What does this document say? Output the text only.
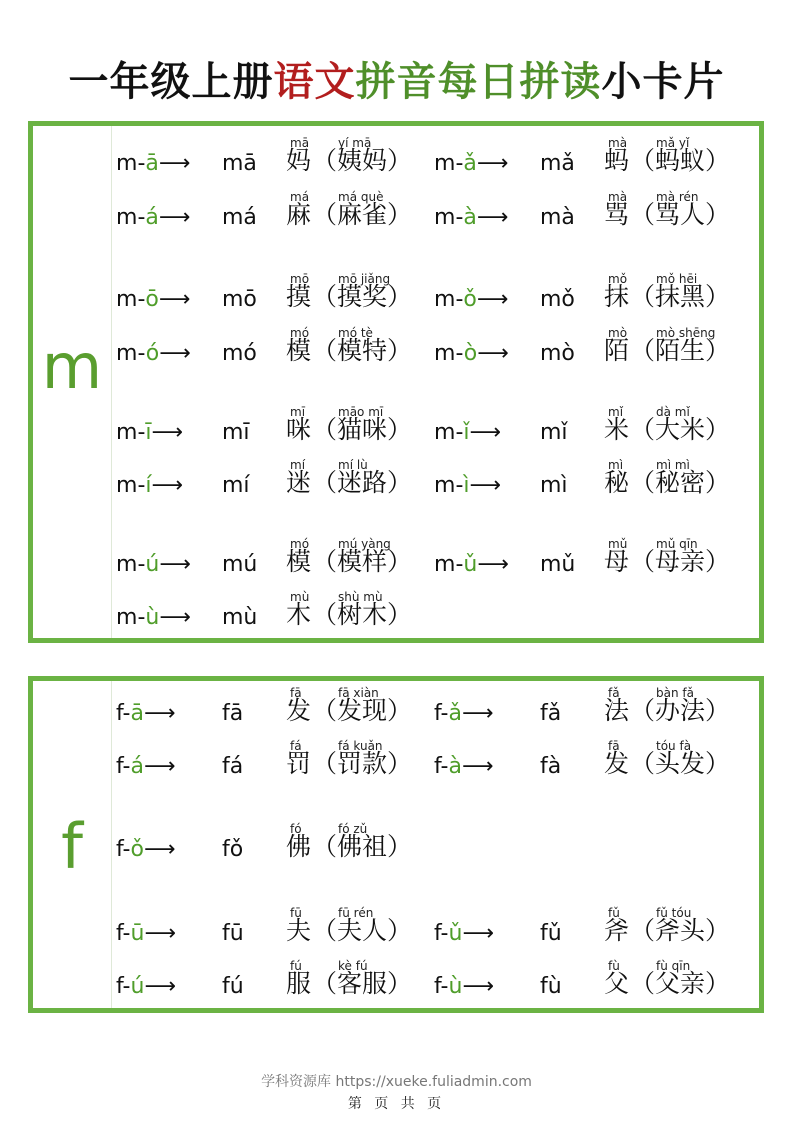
一年级上册语文拼音每日拼读小卡片
m
f
学科资源库 https://xueke.fuliadmin.com
第 页 共 页
m-ā⟶ mā 妈
mā
（姨妈）
yí mā
m-ǎ⟶ mǎ 蚂
mà
（蚂蚁）
mǎ yǐ
m-á⟶ má 麻
má
（麻雀）
má què
m-à⟶ mà 骂
mà
（骂人）
mà rén
m-ō⟶ mō 摸
mō
（摸奖）
mō jiǎng
m-ǒ⟶ mǒ 抹
mǒ
（抹黑）
mǒ hēi
m-ó⟶ mó 模
mó
（模特）
mó tè
m-ò⟶ mò 陌
mò
（陌生）
mò shēng
m-ī⟶ mī 咪
mī
（猫咪）
māo mī
m-ǐ⟶ mǐ 米
mǐ
（大米）
dà mǐ
m-í⟶ mí 迷
mí
（迷路）
mí lù
m-ì⟶ mì 秘
mì
（秘密）
mì mì
m-ú⟶ mú 模
mó
（模样）
mú yàng
m-ǔ⟶ mǔ 母
mǔ
（母亲）
mǔ qīn
m-ù⟶ mù 木
mù
（树木）
shù mù
f-ā⟶ fā 发
fā
（发现）
fā xiàn
f-ǎ⟶ fǎ 法
fǎ
（办法）
bàn fǎ
f-á⟶ fá 罚
fá
（罚款）
fá kuǎn
f-à⟶ fà 发
fā
（头发）
tóu fà
f-ǒ⟶ fǒ 佛
fó
（佛祖）
fó zǔ
f-ū⟶ fū 夫
fū
（夫人）
fū rén
f-ǔ⟶ fǔ 斧
fǔ
（斧头）
fǔ tóu
f-ú⟶ fú 服
fú
（客服）
kè fú
f-ù⟶ fù 父
fù
（父亲）
fù qīn
